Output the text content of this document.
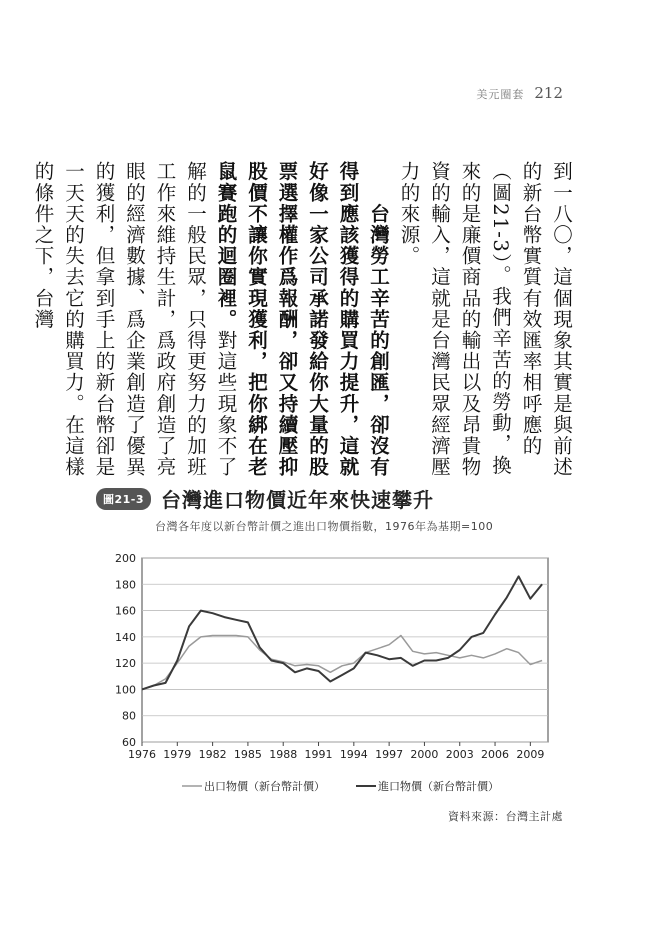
美元圈套 212

到一八〇，這個現象其實是與前述的新台幣實質有效匯率相呼應的（圖21-3）。我們辛苦的勞動，換來的是廉價商品的輸出以及昂貴物資的輸入，這就是台灣民眾經濟壓力的來源。

　　台灣勞工辛苦的創匯，卻沒有得到應該獲得的購買力提升，這就好像一家公司承諾發給你大量的股票選擇權作爲報酬，卻又持續壓抑股價不讓你實現獲利，把你綁在老鼠賽跑的迴圈裡。對這些現象不了解的一般民眾，只得更努力的加班工作來維持生計，爲政府創造了亮眼的經濟數據、爲企業創造了優異的獲利，但拿到手上的新台幣卻是一天天的失去它的購買力。在這樣的條件之下，台灣

圖21-3 台灣進口物價近年來快速攀升
台灣各年度以新台幣計價之進出口物價指數，1976年為基期=100
60
80
100
120
140
160
180
200
1976 1979 1982 1985 1988 1991 1994 1997 2000 2003 2006 2009
出口物價（新台幣計價）	進口物價（新台幣計價）
資料來源：台灣主計處
